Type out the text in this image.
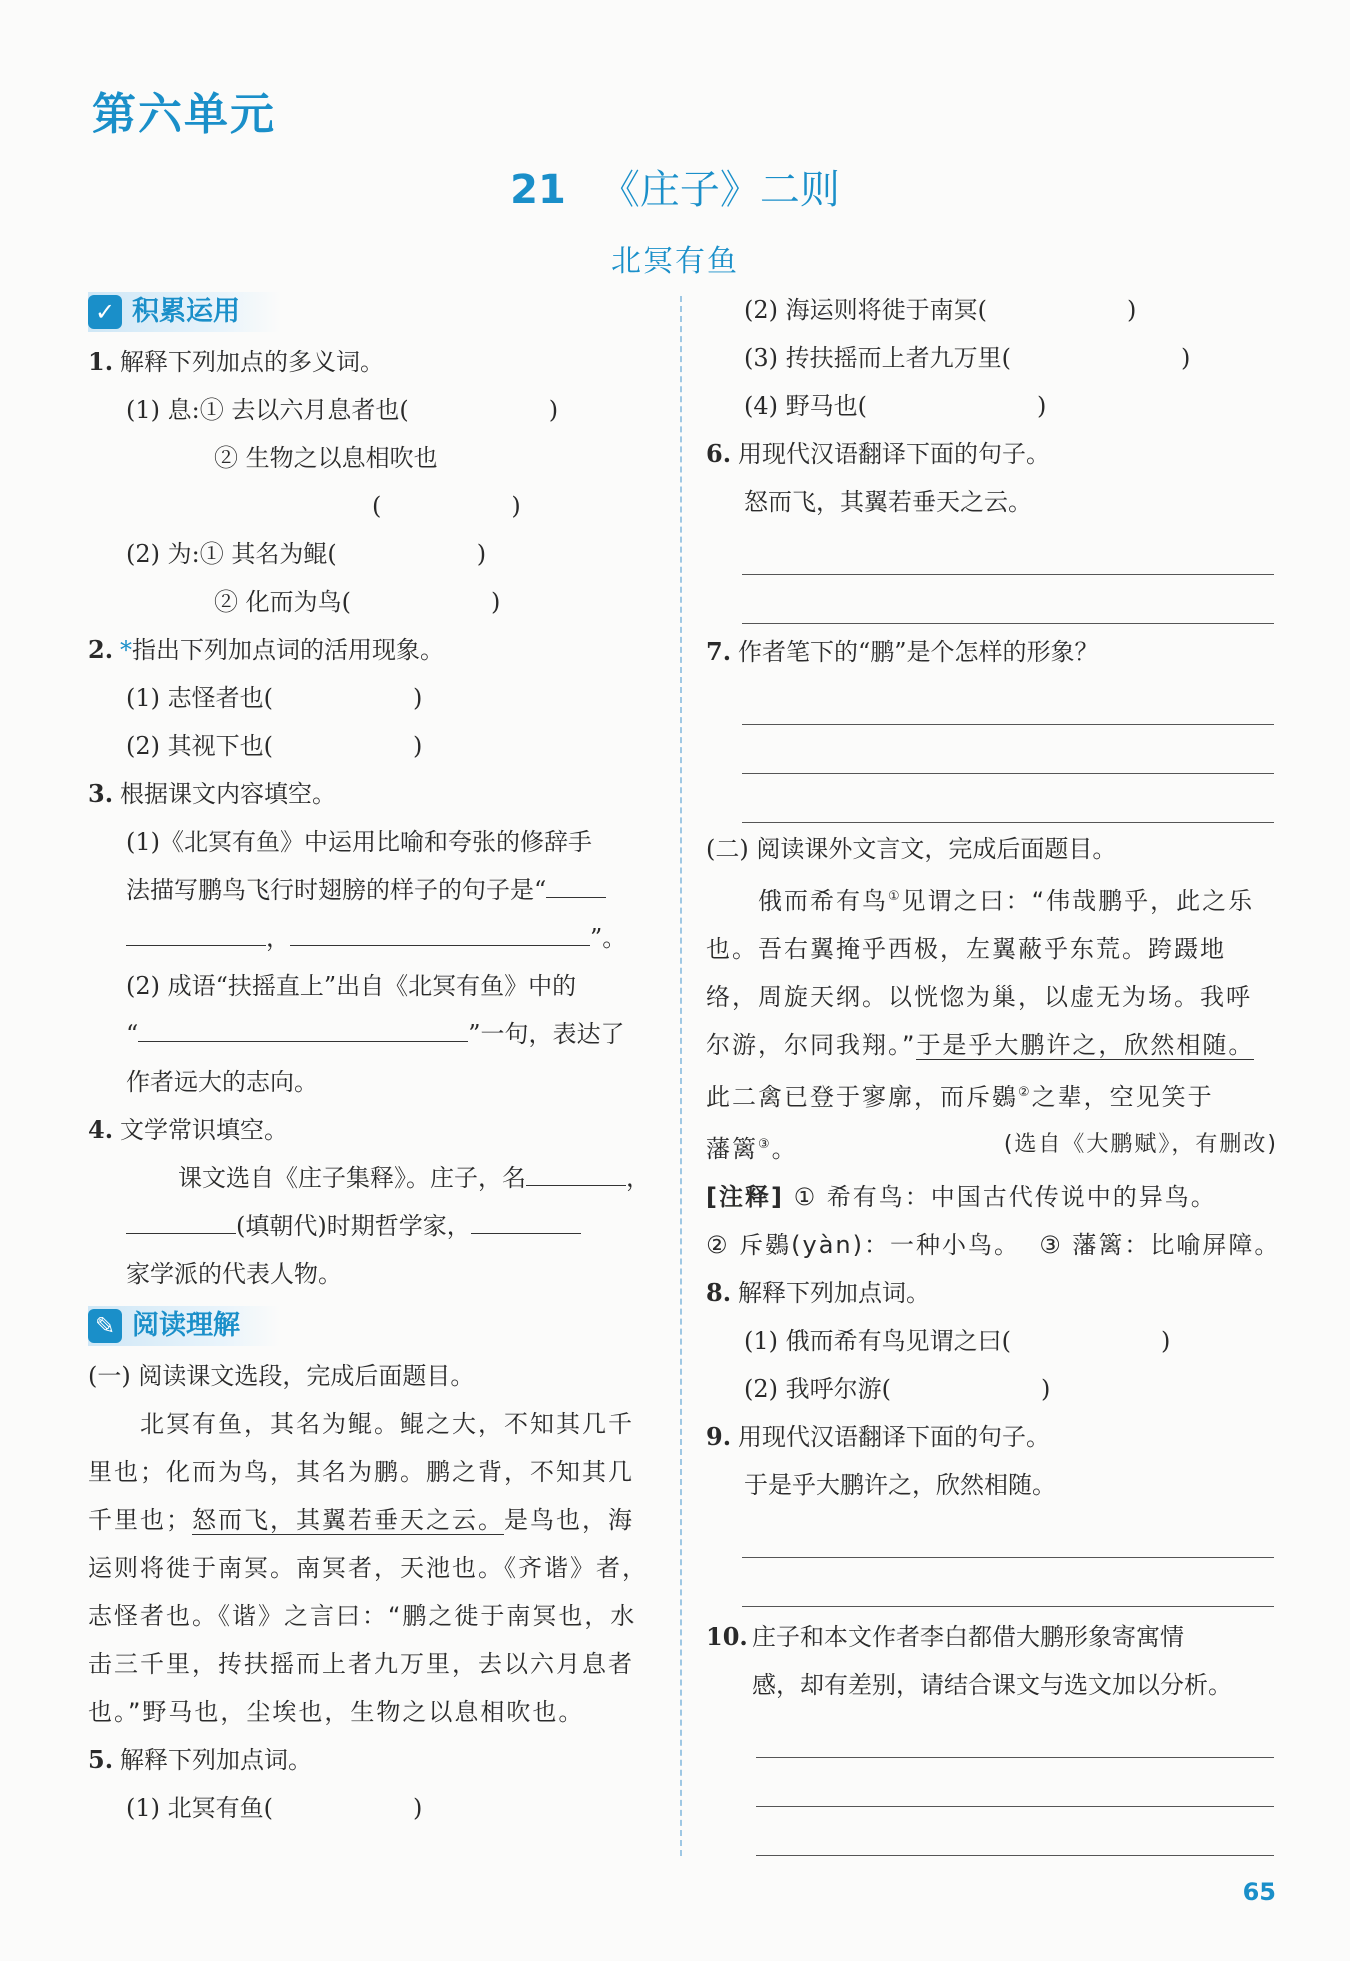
第六单元
21 《庄子》二则
北冥有鱼
✓ 积累运用
1. 解释下列加点的多义词。
(1) 息:① 去以六月息者也(	)
② 生物之以息相吹也
(	)
(2) 为:① 其名为鲲(	)
② 化而为鸟(	)
2. *指出下列加点词的活用现象。
(1) 志怪者也(	)
(2) 其视下也(	)
3. 根据课文内容填空。
(1)《北冥有鱼》中运用比喻和夸张的修辞手
法描写鹏鸟飞行时翅膀的样子的句子是“
，	”。
(2) 成语“扶摇直上”出自《北冥有鱼》中的
“	”一句，表达了
作者远大的志向。
4. 文学常识填空。
课文选自《庄子集释》。庄子，名	，
(填朝代)时期哲学家，
家学派的代表人物。
✎ 阅读理解
(一) 阅读课文选段，完成后面题目。
北冥有鱼，其名为鲲。鲲之大，不知其几千
里也；化而为鸟，其名为鹏。鹏之背，不知其几
千里也；怒而飞，其翼若垂天之云。是鸟也，海
运则将徙于南冥。南冥者，天池也。《齐谐》者，
志怪者也。《谐》之言曰：“鹏之徙于南冥也，水
击三千里，抟扶摇而上者九万里，去以六月息者
也。”野马也，尘埃也，生物之以息相吹也。
5. 解释下列加点词。
(1) 北冥有鱼(	)
(2) 海运则将徙于南冥(	)
(3) 抟扶摇而上者九万里(	)
(4) 野马也(	)
6. 用现代汉语翻译下面的句子。
怒而飞，其翼若垂天之云。
7. 作者笔下的“鹏”是个怎样的形象？
(二) 阅读课外文言文，完成后面题目。
俄而希有鸟①见谓之曰：“伟哉鹏乎，此之乐
也。吾右翼掩乎西极，左翼蔽乎东荒。跨蹑地
络，周旋天纲。以恍惚为巢，以虚无为场。我呼
尔游，尔同我翔。”于是乎大鹏许之，欣然相随。
此二禽已登于寥廓，而斥鷃②之辈，空见笑于
藩篱③。	(选自《大鹏赋》，有删改)
[注释] ① 希有鸟：中国古代传说中的异鸟。
② 斥鷃(yàn)：一种小鸟。 ③ 藩篱：比喻屏障。
8. 解释下列加点词。
(1) 俄而希有鸟见谓之曰(	)
(2) 我呼尔游(	)
9. 用现代汉语翻译下面的句子。
于是乎大鹏许之，欣然相随。
10. 庄子和本文作者李白都借大鹏形象寄寓情
感，却有差别，请结合课文与选文加以分析。
65
